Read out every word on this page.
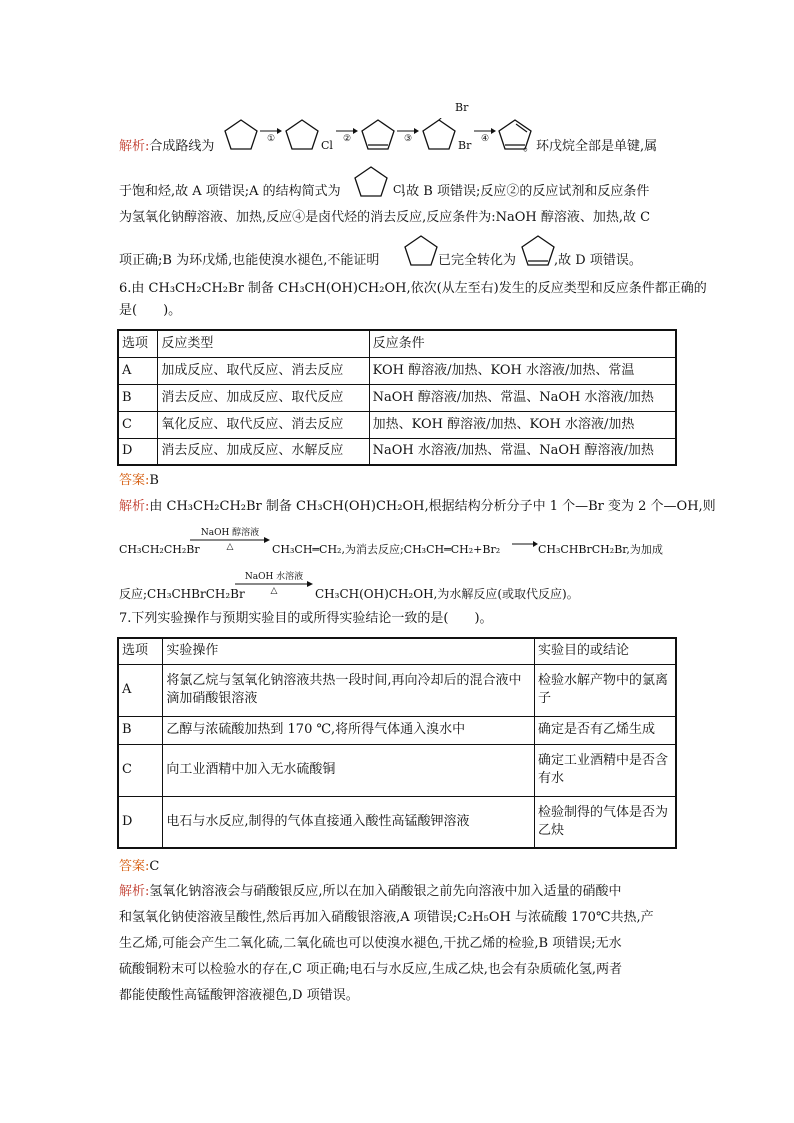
解析:合成路线为	①	Cl	②	③
Br
Br	④	。环戊烷全部是单键,属
于饱和烃,故 A 项错误;A 的结构简式为	Cl
,故 B 项错误;反应②的反应试剂和反应条件
为氢氧化钠醇溶液、加热,反应④是卤代烃的消去反应,反应条件为:NaOH 醇溶液、加热,故 C
项正确;B 为环戊烯,也能使溴水褪色,不能证明	已完全转化为	,故 D 项错误。
6.由 CH₃CH₂CH₂Br 制备 CH₃CH(OH)CH₂OH,依次(从左至右)发生的反应类型和反应条件都正确的
是(　　)。
选项	反应类型	反应条件
A	加成反应、取代反应、消去反应	KOH 醇溶液/加热、KOH 水溶液/加热、常温
B	消去反应、加成反应、取代反应	NaOH 醇溶液/加热、常温、NaOH 水溶液/加热
C	氧化反应、取代反应、消去反应	加热、KOH 醇溶液/加热、KOH 水溶液/加热
D	消去反应、加成反应、水解反应	NaOH 水溶液/加热、常温、NaOH 醇溶液/加热
答案:B
解析:由 CH₃CH₂CH₂Br 制备 CH₃CH(OH)CH₂OH,根据结构分析分子中 1 个—Br 变为 2 个—OH,则
CH₃CH₂CH₂Br
NaOH 醇溶液
△	CH₃CH═CH₂,为消去反应;CH₃CH═CH₂+Br₂	CH₃CHBrCH₂Br,为加成
反应;CH₃CHBrCH₂Br
NaOH 水溶液
△	CH₃CH(OH)CH₂OH,为水解反应(或取代反应)。
7.下列实验操作与预期实验目的或所得实验结论一致的是(　　)。
选项	实验操作	实验目的或结论
A	将氯乙烷与氢氧化钠溶液共热一段时间,再向冷却后的混合液中滴加硝酸银溶液	检验水解产物中的氯离子
B	乙醇与浓硫酸加热到 170 ℃,将所得气体通入溴水中	确定是否有乙烯生成
C	向工业酒精中加入无水硫酸铜	确定工业酒精中是否含有水
D	电石与水反应,制得的气体直接通入酸性高锰酸钾溶液	检验制得的气体是否为乙炔
答案:C
解析:氢氧化钠溶液会与硝酸银反应,所以在加入硝酸银之前先向溶液中加入适量的硝酸中
和氢氧化钠使溶液呈酸性,然后再加入硝酸银溶液,A 项错误;C₂H₅OH 与浓硫酸 170℃共热,产
生乙烯,可能会产生二氧化硫,二氧化硫也可以使溴水褪色,干扰乙烯的检验,B 项错误;无水
硫酸铜粉末可以检验水的存在,C 项正确;电石与水反应,生成乙炔,也会有杂质硫化氢,两者
都能使酸性高锰酸钾溶液褪色,D 项错误。
